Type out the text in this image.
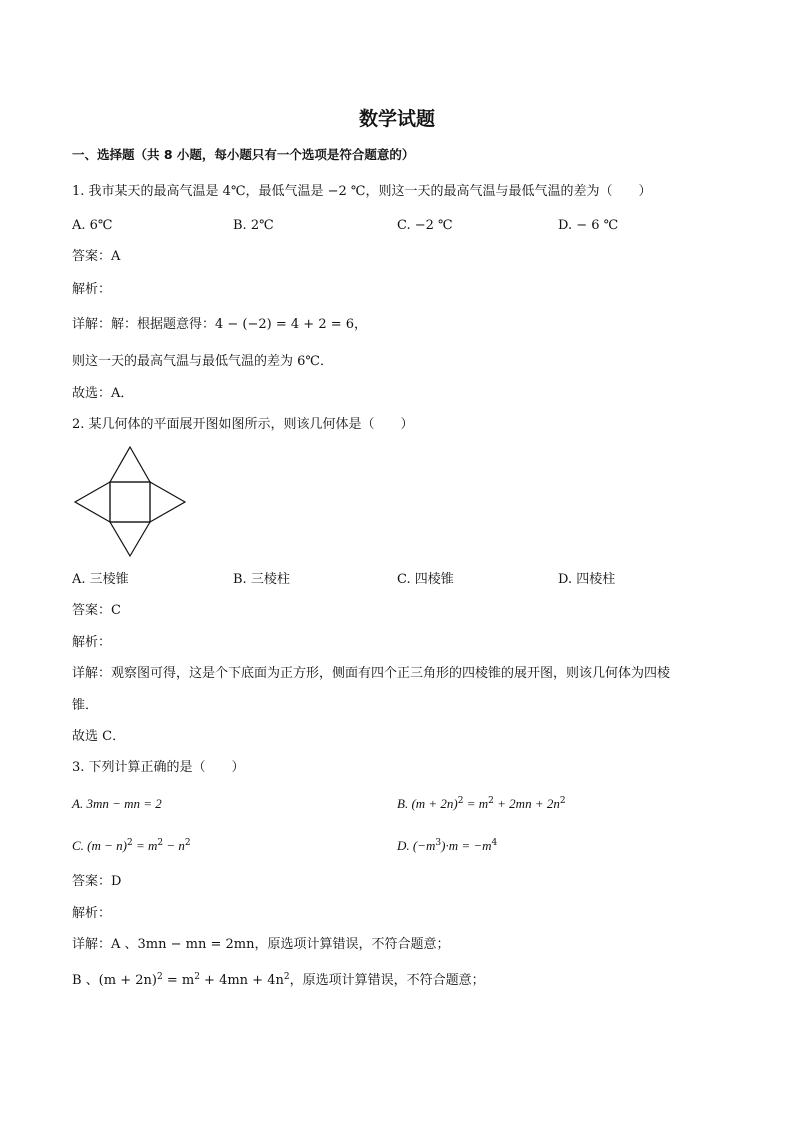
数学试题
一、选择题（共 8 小题，每小题只有一个选项是符合题意的）
1. 我市某天的最高气温是 4℃，最低气温是 −2 ℃，则这一天的最高气温与最低气温的差为（　　）
A. 6℃	B. 2℃	C. −2 ℃	D. − 6 ℃
答案：A
解析：
详解：解：根据题意得：4 − (−2) = 4 + 2 = 6，
则这一天的最高气温与最低气温的差为 6℃．
故选：A．
2. 某几何体的平面展开图如图所示，则该几何体是（　　）
A. 三棱锥	B. 三棱柱	C. 四棱锥	D. 四棱柱
答案：C
解析：
详解：观察图可得，这是个下底面为正方形，侧面有四个正三角形的四棱锥的展开图，则该几何体为四棱
锥．
故选 C．
3. 下列计算正确的是（　　）
A. 3mn − mn = 2	B. $(m + 2n)^2 = m^2 + 2mn + 2n^2$
C. $(m - n)^2 = m^2 - n^2$	D. $(-m^3)\cdot m = -m^4$
答案：D
解析：
详解：A 、3mn − mn = 2mn，原选项计算错误，不符合题意；
B 、$(m + 2n)^2 = m^2 + 4mn + 4n^2$，原选项计算错误，不符合题意；
